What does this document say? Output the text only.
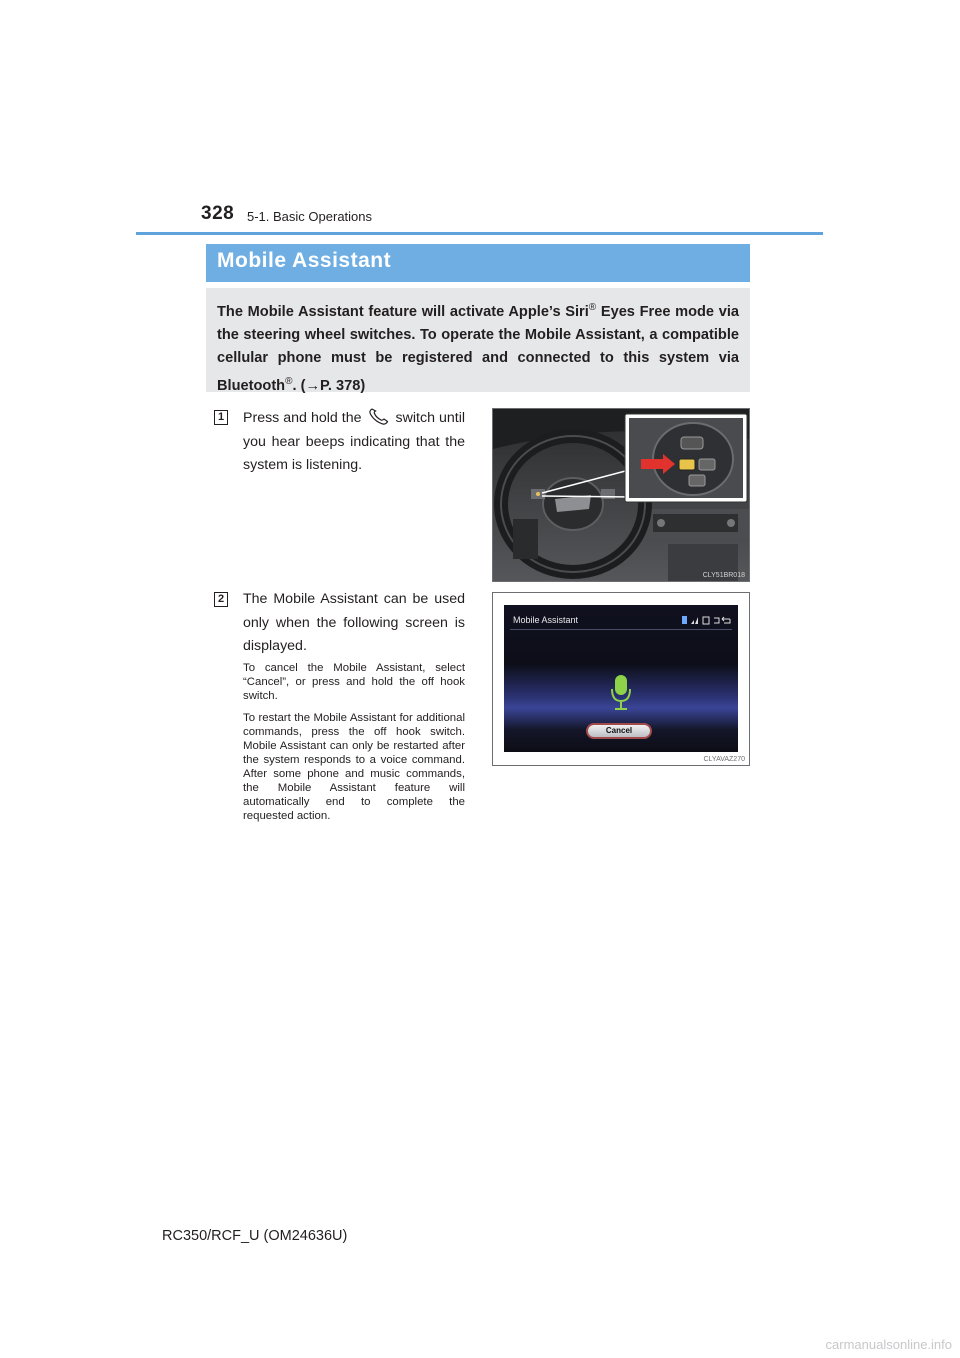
328 5-1. Basic Operations
Mobile Assistant
The Mobile Assistant feature will activate Apple’s Siri® Eyes Free mode via the steering wheel switches. To operate the Mobile Assistant, a compatible cellular phone must be registered and connected to this system via Bluetooth®. (→P. 378)
1 Press and hold the switch until you hear beeps indicating that the system is listening.
CLY51BR018
2 The Mobile Assistant can be used only when the following screen is displayed.
To cancel the Mobile Assistant, select “Cancel”, or press and hold the off hook switch.
To restart the Mobile Assistant for additional commands, press the off hook switch. Mobile Assistant can only be restarted after the system responds to a voice command. After some phone and music commands, the Mobile Assistant feature will automatically end to complete the requested action.
Mobile Assistant
Cancel
CLYAVAZ270
RC350/RCF_U (OM24636U)
carmanualsonline.info
